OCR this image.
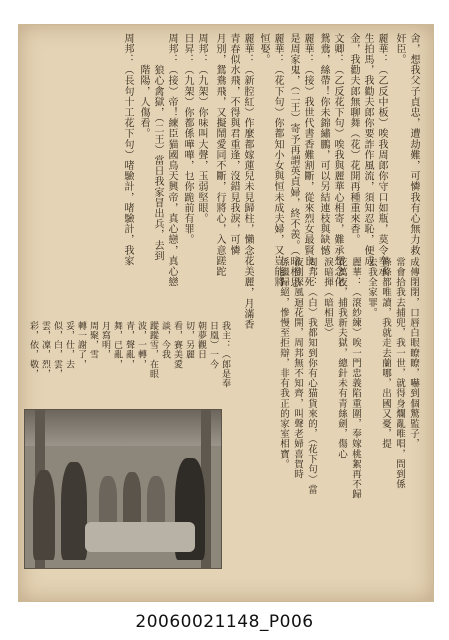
舍，想我父子貞忠，遭劫難，可憐我有心無力救
奸臣。
麗華：（乙反中板）唉我周郎你守口如瓶，莫令奉承
生拍馬，我勸夫郎你要詐作風流，須知忍恥，便成
金，我勸夫郎無聊舞（花）花開再種重來香。
文卿：（乙反花下句）唉我與麗華心相寄，難承想念化
鴛鴦，絲帶！你未錦繡鵬，可以另結連枝與缺憾
麗華：（接）我世代書香難割斷，從來烈女最賢良，死
是周家鬼，（二王）寄予再謂英貞婦，終不羨。（暗相思
麗華：（花下句）你都知小女與恒未成夫婦，又豈能將
恒娶。
麗華：（新腔紅）作麼都嫁蓮兒未見歸柱，懶念花美麗，月滿香
青春似水飛，不得與君重逢，沒錯見我淚，可憐
月別，鴛鴦飛，又擬鬧愛同不斷，行將心，入意蹉跎
周邦：（九架）你味叫大聲，玉弱堅眼。
日昇：（九架）你都係嘩嘩，乜你跪前有罪。
周邦：（接）帝！練臣猫國鳥天興帝，真心戀，真心戀
　　　狼心禽獄，（二王）當日我家冒出兵，去到
　　　階陽，人傷看。
周邦：（長句十工花下句）啫驗計，啫驗計，我家
成傳閉閉，口唇白眼瞭瞭，嚇到個驚監子，
常會拾我去捕兜，我一世，就得身爛亂唯唱，問到係
條條都唯讀，我就走去蘭哪，出國又憂，提
去我全家罪。
麗華：（滾紗練）唉一門忠義陷重圍，奉嫁桃絮再不歸
花萬夜，捕我新夫獄，總針未有青絲劍，傷心
淚暗揮（暗相思）
周邦：（白）我都知到你有心猫貨來的，（花下句）當
夜到深風迴花開，周邦無不知齊，叫聲老婦喜賀時
係繼歸絕，慘慢至拒辯，非有我正的家室相寶。
我主：（郎是奉
日凰）一今
朝夢觀日
切，另麗
看，賽美愛
談，今我
蹤蹤雪，在眼
波，一轉，
青，聲亂，
舞，已亂，
月寫明，
周聚，雪
轉一謝了，
妥，仕，去
似，白，雲，
雲，凜，烈，
彩，依，敬，
20060021148_P006
